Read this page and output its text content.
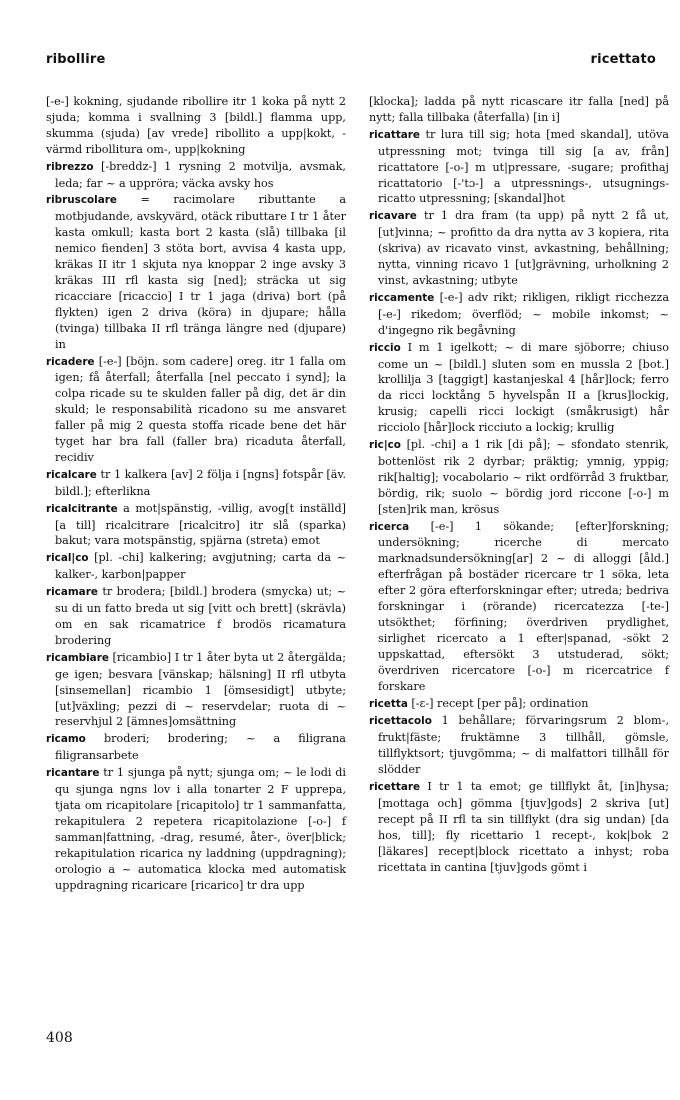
ribollire	ricettato

[-e-] kokning, sjudande ribollire itr 1 koka på nytt 2 sjuda; komma i svallning 3 [bildl.] flamma upp, skumma (sjuda) [av vrede] ribollito a upp|kokt, -värmd ribollitura om-, upp|kokning

ribrezzo [-breddz-] 1 rysning 2 motvilja, avsmak, leda; far ~ a uppröra; väcka avsky hos

ribruscolare = racimolare ributtante a motbjudande, avskyvärd, otäck ributtare I tr 1 åter kasta omkull; kasta bort 2 kasta (slå) tillbaka [il nemico fienden] 3 stöta bort, avvisa 4 kasta upp, kräkas II itr 1 skjuta nya knoppar 2 inge avsky 3 kräkas III rfl kasta sig [ned]; sträcka ut sig ricacciare [ricaccio] I tr 1 jaga (driva) bort (på flykten) igen 2 driva (köra) in djupare; hålla (tvinga) tillbaka II rfl tränga längre ned (djupare) in

ricadere [-e-] [böjn. som cadere] oreg. itr 1 falla om igen; få återfall; återfalla [nel peccato i synd]; la colpa ricade su te skulden faller på dig, det är din skuld; le responsabilità ricadono su me ansvaret faller på mig 2 questa stoffa ricade bene det här tyget har bra fall (faller bra) ricaduta återfall, recidiv

ricalcare tr 1 kalkera [av] 2 följa i [ngns] fotspår [äv. bildl.]; efterlikna

ricalcitrante a mot|spänstig, -villig, avog[t inställd] [a till] ricalcitrare [ricalcitro] itr slå (sparka) bakut; vara motspänstig, spjärna (streta) emot

rical|co [pl. -chi] kalkering; avgjutning; carta da ~ kalker-, karbon|papper

ricamare tr brodera; [bildl.] brodera (smycka) ut; ~ su di un fatto breda ut sig [vitt och brett] (skrävla) om en sak ricamatrice f brodös ricamatura brodering

ricambiare [ricambio] I tr 1 åter byta ut 2 återgälda; ge igen; besvara [vänskap; hälsning] II rfl utbyta [sinsemellan] ricambio 1 [ömsesidigt] utbyte; [ut]växling; pezzi di ~ reservdelar; ruota di ~ reservhjul 2 [ämnes]omsättning

ricamo broderi; brodering; ~ a filigrana filigransarbete

ricantare tr 1 sjunga på nytt; sjunga om; ~ le lodi di qu sjunga ngns lov i alla tonarter 2 F upprepa, tjata om ricapitolare [ricapitolo] tr 1 sammanfatta, rekapitulera 2 repetera ricapitolazione [-o-] f samman|fattning, -drag, resumé, åter-, över|blick; rekapitulation ricarica ny laddning (uppdragning); orologio a ~ automatica klocka med automatisk uppdragning ricaricare [ricarico] tr dra upp

[klocka]; ladda på nytt ricascare itr falla [ned] på nytt; falla tillbaka (återfalla) [in i]

ricattare tr lura till sig; hota [med skandal], utöva utpressning mot; tvinga till sig [a av, från] ricattatore [-o-] m ut|pressare, -sugare; profithaj ricattatorio [-'tɔ-] a utpressnings-, utsugnings- ricatto utpressning; [skandal]hot

ricavare tr 1 dra fram (ta upp) på nytt 2 få ut, [ut]vinna; ~ profitto da dra nytta av 3 kopiera, rita (skriva) av ricavato vinst, avkastning, behållning; nytta, vinning ricavo 1 [ut]grävning, urholkning 2 vinst, avkastning; utbyte

riccamente [-e-] adv rikt; rikligen, rikligt ricchezza [-e-] rikedom; överflöd; ~ mobile inkomst; ~ d'ingegno rik begåvning

riccio I m 1 igelkott; ~ di mare sjöborre; chiuso come un ~ [bildl.] sluten som en mussla 2 [bot.] krollilja 3 [taggigt] kastanjeskal 4 [hår]lock; ferro da ricci locktång 5 hyvelspån II a [krus]lockig, krusig; capelli ricci lockigt (småkrusigt) hår ricciolo [hår]lock ricciuto a lockig; krullig

ric|co [pl. -chi] a 1 rik [di på]; ~ sfondato stenrik, bottenlöst rik 2 dyrbar; präktig; ymnig, yppig; rik[haltig]; vocabolario ~ rikt ordförråd 3 fruktbar, bördig, rik; suolo ~ bördig jord riccone [-o-] m [sten]rik man, krösus

ricerca [-e-] 1 sökande; [efter]forskning; undersökning; ricerche di mercato marknadsundersökning[ar] 2 ~ di alloggi [åld.] efterfrågan på bostäder ricercare tr 1 söka, leta efter 2 göra efterforskningar efter; utreda; bedriva forskningar i (rörande) ricercatezza [-te-] utsökthet; förfining; överdriven prydlighet, sirlighet ricercato a 1 efter|spanad, -sökt 2 uppskattad, eftersökt 3 utstuderad, sökt; överdriven ricercatore [-o-] m ricercatrice f forskare

ricetta [-ɛ-] recept [per på]; ordination

ricettacolo 1 behållare; förvaringsrum 2 blom-, frukt|fäste; fruktämne 3 tillhåll, gömsle, tillflyktsort; tjuvgömma; ~ di malfattori tillhåll för slödder

ricettare I tr 1 ta emot; ge tillflykt åt, [in]hysa; [mottaga och] gömma [tjuv]gods] 2 skriva [ut] recept på II rfl ta sin tillflykt (dra sig undan) [da hos, till]; fly ricettario 1 recept-, kok|bok 2 [läkares] recept|block ricettato a inhyst; roba ricettata in cantina [tjuv]gods gömt i

408
